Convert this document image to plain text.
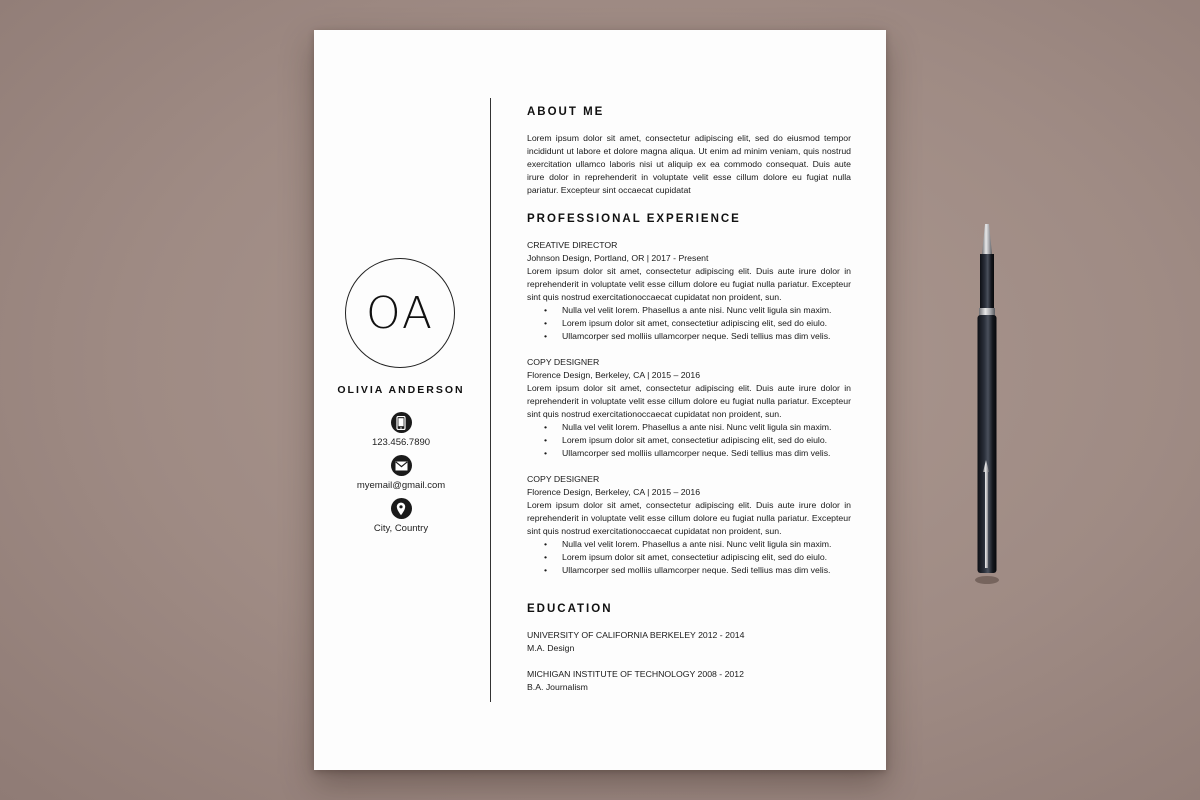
OA
OLIVIA ANDERSON
123.456.7890
myemail@gmail.com
City, Country
ABOUT ME

Lorem ipsum dolor sit amet, consectetur adipiscing elit, sed do eiusmod tempor incididunt ut labore et dolore magna aliqua. Ut enim ad minim veniam, quis nostrud exercitation ullamco laboris nisi ut aliquip ex ea commodo consequat. Duis aute irure dolor in reprehenderit in voluptate velit esse cillum dolore eu fugiat nulla pariatur. Excepteur sint occaecat cupidatat

PROFESSIONAL EXPERIENCE

CREATIVE DIRECTOR

Johnson Design, Portland, OR | 2017 - Present

Lorem ipsum dolor sit amet, consectetur adipiscing elit. Duis aute irure dolor in reprehenderit in voluptate velit esse cillum dolore eu fugiat nulla pariatur. Excepteur sint quis nostrud exercitationoccaecat cupidatat non proident, sun.

• Nulla vel velit lorem. Phasellus a ante nisi. Nunc velit ligula sin maxim.
• Lorem ipsum dolor sit amet, consectetiur adipiscing elit, sed do eiulo.
• Ullamcorper sed molliis ullamcorper neque. Sedi tellius mas dim velis.

COPY DESIGNER

Florence Design, Berkeley, CA | 2015 – 2016

Lorem ipsum dolor sit amet, consectetur adipiscing elit. Duis aute irure dolor in reprehenderit in voluptate velit esse cillum dolore eu fugiat nulla pariatur. Excepteur sint quis nostrud exercitationoccaecat cupidatat non proident, sun.

• Nulla vel velit lorem. Phasellus a ante nisi. Nunc velit ligula sin maxim.
• Lorem ipsum dolor sit amet, consectetiur adipiscing elit, sed do eiulo.
• Ullamcorper sed molliis ullamcorper neque. Sedi tellius mas dim velis.

COPY DESIGNER

Florence Design, Berkeley, CA | 2015 – 2016

Lorem ipsum dolor sit amet, consectetur adipiscing elit. Duis aute irure dolor in reprehenderit in voluptate velit esse cillum dolore eu fugiat nulla pariatur. Excepteur sint quis nostrud exercitationoccaecat cupidatat non proident, sun.

• Nulla vel velit lorem. Phasellus a ante nisi. Nunc velit ligula sin maxim.
• Lorem ipsum dolor sit amet, consectetiur adipiscing elit, sed do eiulo.
• Ullamcorper sed molliis ullamcorper neque. Sedi tellius mas dim velis.
EDUCATION

UNIVERSITY OF CALIFORNIA BERKELEY 2012 - 2014

M.A. Design

MICHIGAN INSTITUTE OF TECHNOLOGY 2008 - 2012

B.A. Journalism
